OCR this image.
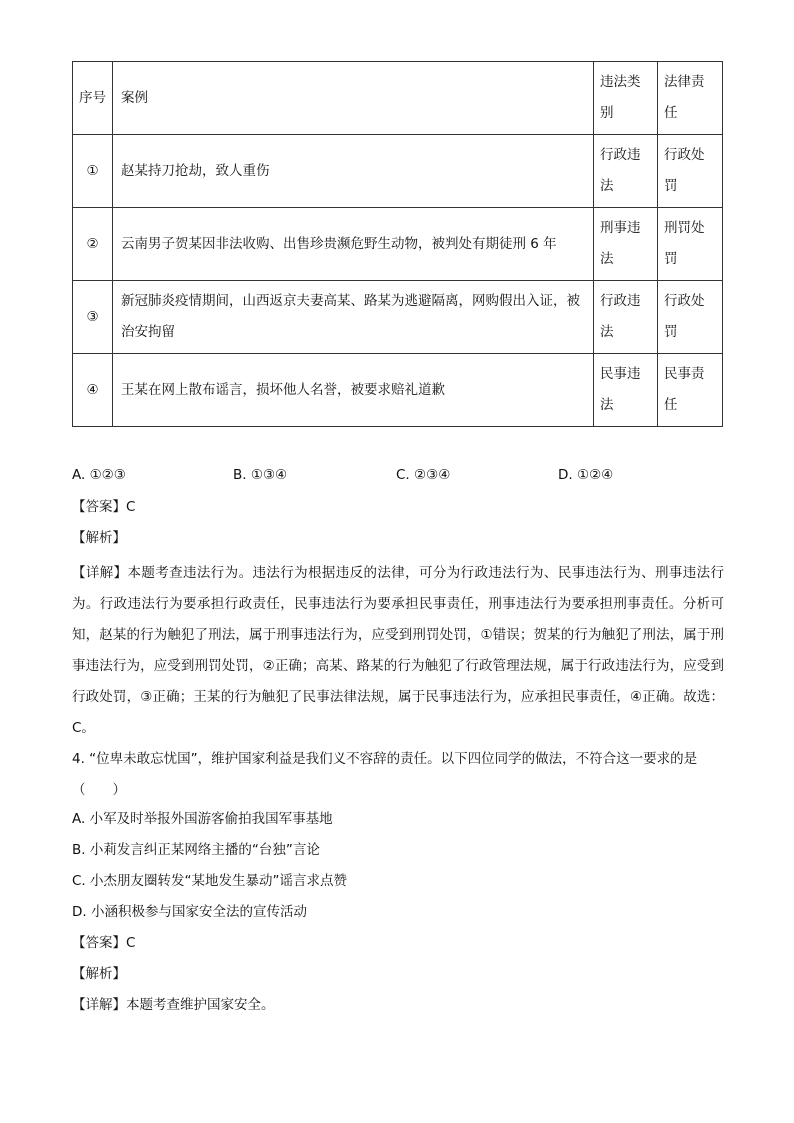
序号	案例	违法类别	法律责任
①	赵某持刀抢劫，致人重伤	行政违法	行政处罚
②	云南男子贺某因非法收购、出售珍贵濒危野生动物，被判处有期徒刑 6 年	刑事违法	刑罚处罚
③	新冠肺炎疫情期间，山西返京夫妻高某、路某为逃避隔离，网购假出入证，被治安拘留	行政违法	行政处罚
④	王某在网上散布谣言，损坏他人名誉，被要求赔礼道歉	民事违法	民事责任
A. ①②③	B. ①③④	C. ②③④	D. ①②④
【答案】C
【解析】
【详解】本题考查违法行为。违法行为根据违反的法律，可分为行政违法行为、民事违法行为、刑事违法行为。行政违法行为要承担行政责任，民事违法行为要承担民事责任，刑事违法行为要承担刑事责任。分析可知，赵某的行为触犯了刑法，属于刑事违法行为，应受到刑罚处罚，①错误；贺某的行为触犯了刑法，属于刑事违法行为，应受到刑罚处罚，②正确；高某、路某的行为触犯了行政管理法规，属于行政违法行为，应受到行政处罚，③正确；王某的行为触犯了民事法律法规，属于民事违法行为，应承担民事责任，④正确。故选：C。
4. “位卑未敢忘忧国”，维护国家利益是我们义不容辞的责任。以下四位同学的做法，不符合这一要求的是（　　）
A. 小军及时举报外国游客偷拍我国军事基地
B. 小莉发言纠正某网络主播的“台独”言论
C. 小杰朋友圈转发“某地发生暴动”谣言求点赞
D. 小涵积极参与国家安全法的宣传活动
【答案】C
【解析】
【详解】本题考查维护国家安全。
